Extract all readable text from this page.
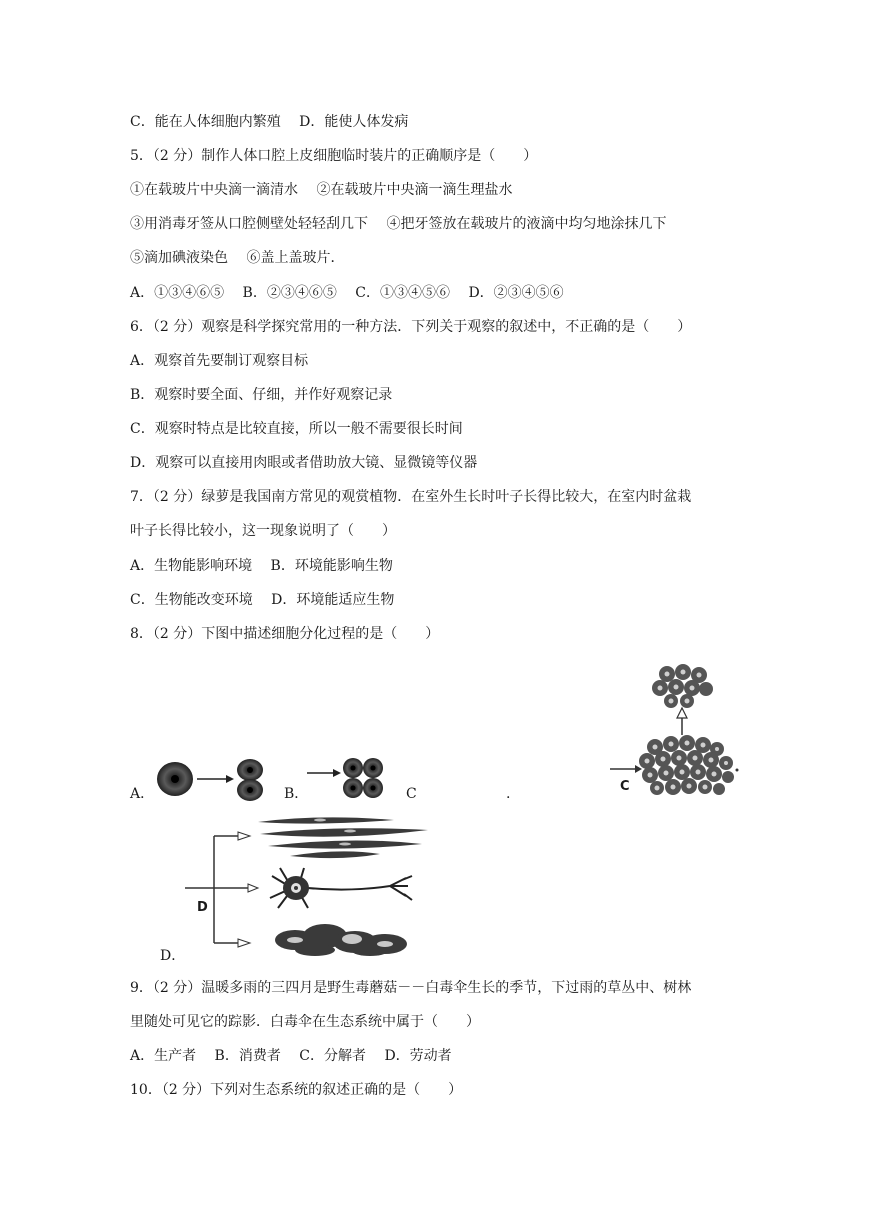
C．能在人体细胞内繁殖　 D．能使人体发病
5．（2 分）制作人体口腔上皮细胞临时装片的正确顺序是（　　）
①在载玻片中央滴一滴清水　 ②在载玻片中央滴一滴生理盐水
③用消毒牙签从口腔侧壁处轻轻刮几下　 ④把牙签放在载玻片的液滴中均匀地涂抹几下
⑤滴加碘液染色　 ⑥盖上盖玻片．
A．①③④⑥⑤　 B．②③④⑥⑤　 C．①③④⑤⑥　 D．②③④⑤⑥
6．（2 分）观察是科学探究常用的一种方法．下列关于观察的叙述中，不正确的是（　　）
A．观察首先要制订观察目标
B．观察时要全面、仔细，并作好观察记录
C．观察时特点是比较直接，所以一般不需要很长时间
D．观察可以直接用肉眼或者借助放大镜、显微镜等仪器
7．（2 分）绿萝是我国南方常见的观赏植物．在室外生长时叶子长得比较大，在室内时盆栽
叶子长得比较小，这一现象说明了（　　）
A．生物能影响环境　 B．环境能影响生物
C．生物能改变环境　 D．环境能适应生物
8．（2 分）下图中描述细胞分化过程的是（　　）
A．	B．	C	.
D．
C
D
9．（2 分）温暖多雨的三四月是野生毒蘑菇－－白毒伞生长的季节，下过雨的草丛中、树林
里随处可见它的踪影．白毒伞在生态系统中属于（　　）
A．生产者　 B．消费者　 C．分解者　 D．劳动者
10．（2 分）下列对生态系统的叙述正确的是（　　）
